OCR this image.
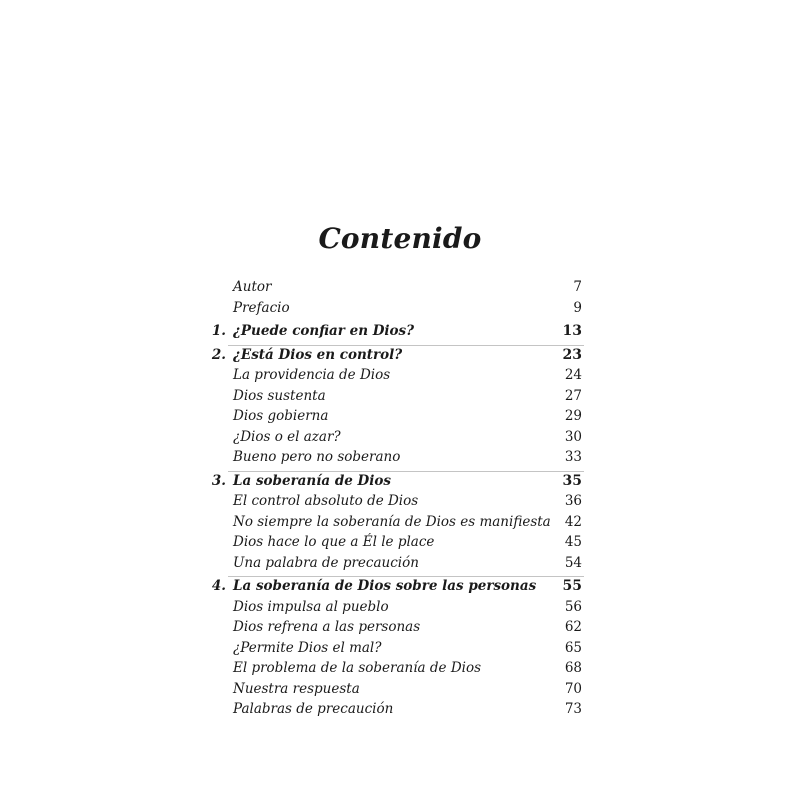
Contenido
Autor	7
Prefacio	9
1. ¿Puede confiar en Dios?	13
2. ¿Está Dios en control?	23
La providencia de Dios	24
Dios sustenta	27
Dios gobierna	29
¿Dios o el azar?	30
Bueno pero no soberano	33
3. La soberanía de Dios	35
El control absoluto de Dios	36
No siempre la soberanía de Dios es manifiesta	42
Dios hace lo que a Él le place	45
Una palabra de precaución	54
4. La soberanía de Dios sobre las personas	55
Dios impulsa al pueblo	56
Dios refrena a las personas	62
¿Permite Dios el mal?	65
El problema de la soberanía de Dios	68
Nuestra respuesta	70
Palabras de precaución	73
